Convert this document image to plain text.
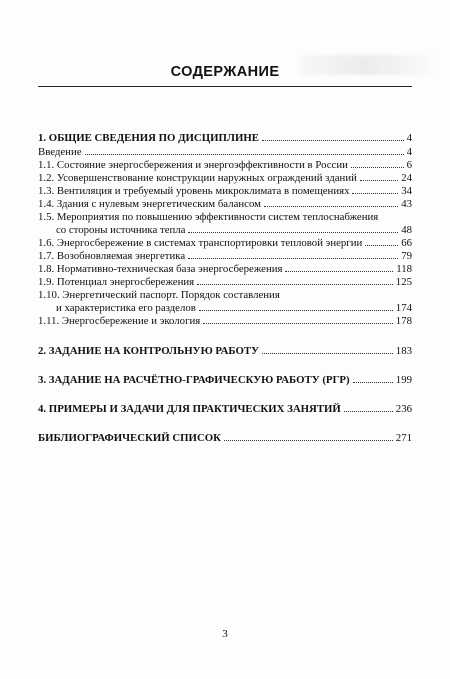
СОДЕРЖАНИЕ
1. ОБЩИЕ СВЕДЕНИЯ ПО ДИСЦИПЛИНЕ	4
Введение	4
1.1. Состояние энергосбережения и энергоэффективности в России	6
1.2. Усовершенствование конструкции наружных ограждений зданий	24
1.3. Вентиляция и требуемый уровень микроклимата в помещениях	34
1.4. Здания с нулевым энергетическим балансом	43
1.5. Мероприятия по повышению эффективности систем теплоснабжения
со стороны источника тепла	48
1.6. Энергосбережение в системах транспортировки тепловой энергии	66
1.7. Возобновляемая энергетика	79
1.8. Нормативно-техническая база энергосбережения	118
1.9. Потенциал энергосбережения	125
1.10. Энергетический паспорт. Порядок составления
и характеристика его разделов	174
1.11. Энергосбережение и экология	178
2. ЗАДАНИЕ НА КОНТРОЛЬНУЮ РАБОТУ	183
3. ЗАДАНИЕ НА РАСЧЁТНО-ГРАФИЧЕСКУЮ РАБОТУ (РГР)	199
4. ПРИМЕРЫ И ЗАДАЧИ ДЛЯ ПРАКТИЧЕСКИХ ЗАНЯТИЙ	236
БИБЛИОГРАФИЧЕСКИЙ СПИСОК	271
3
